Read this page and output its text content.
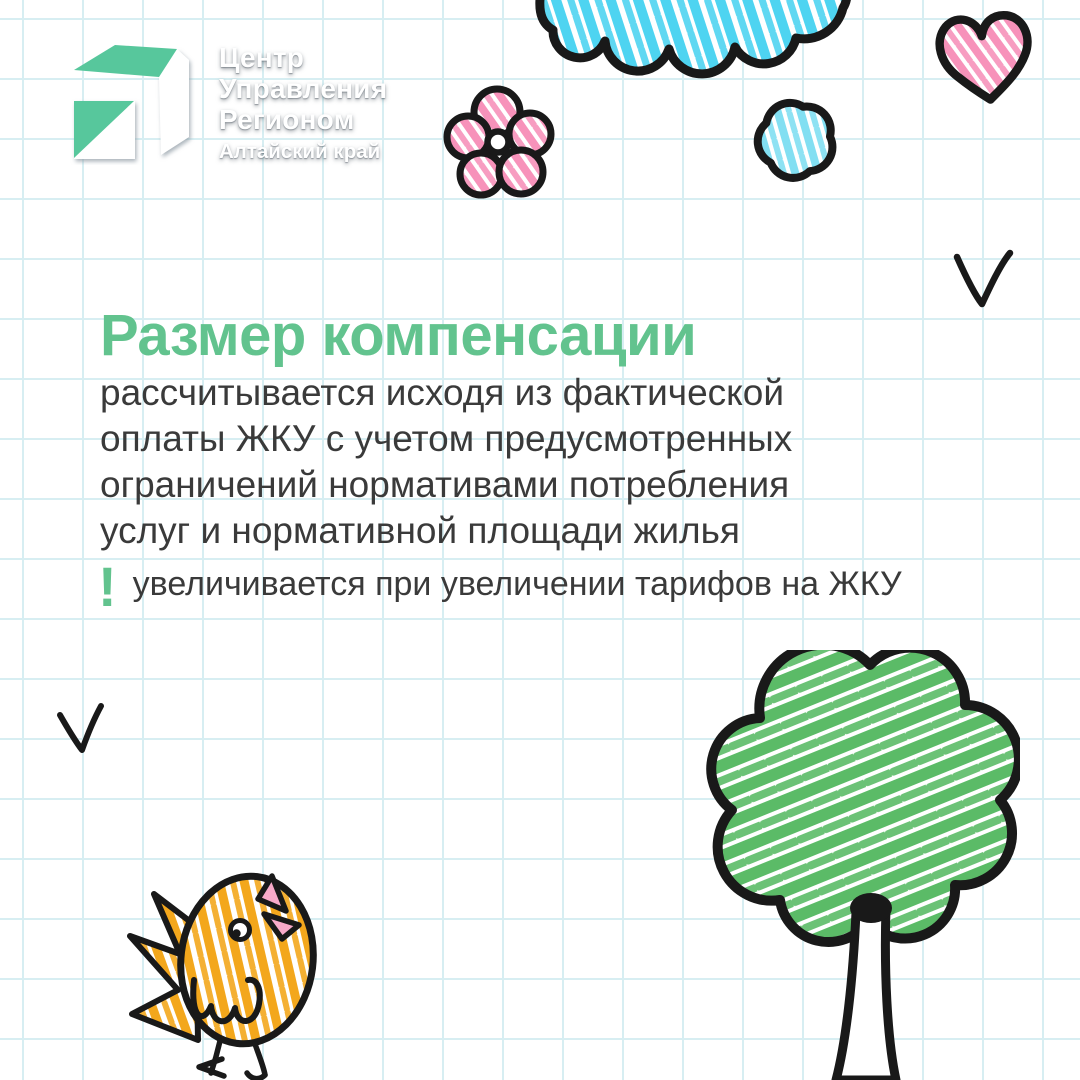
Центр
Управления
Регионом
Алтайский край
Размер компенсации
рассчитывается исходя из фактической
оплаты ЖКУ с учетом предусмотренных
ограничений нормативами потребления
услуг и нормативной площади жилья
! увеличивается при увеличении тарифов на ЖКУ
